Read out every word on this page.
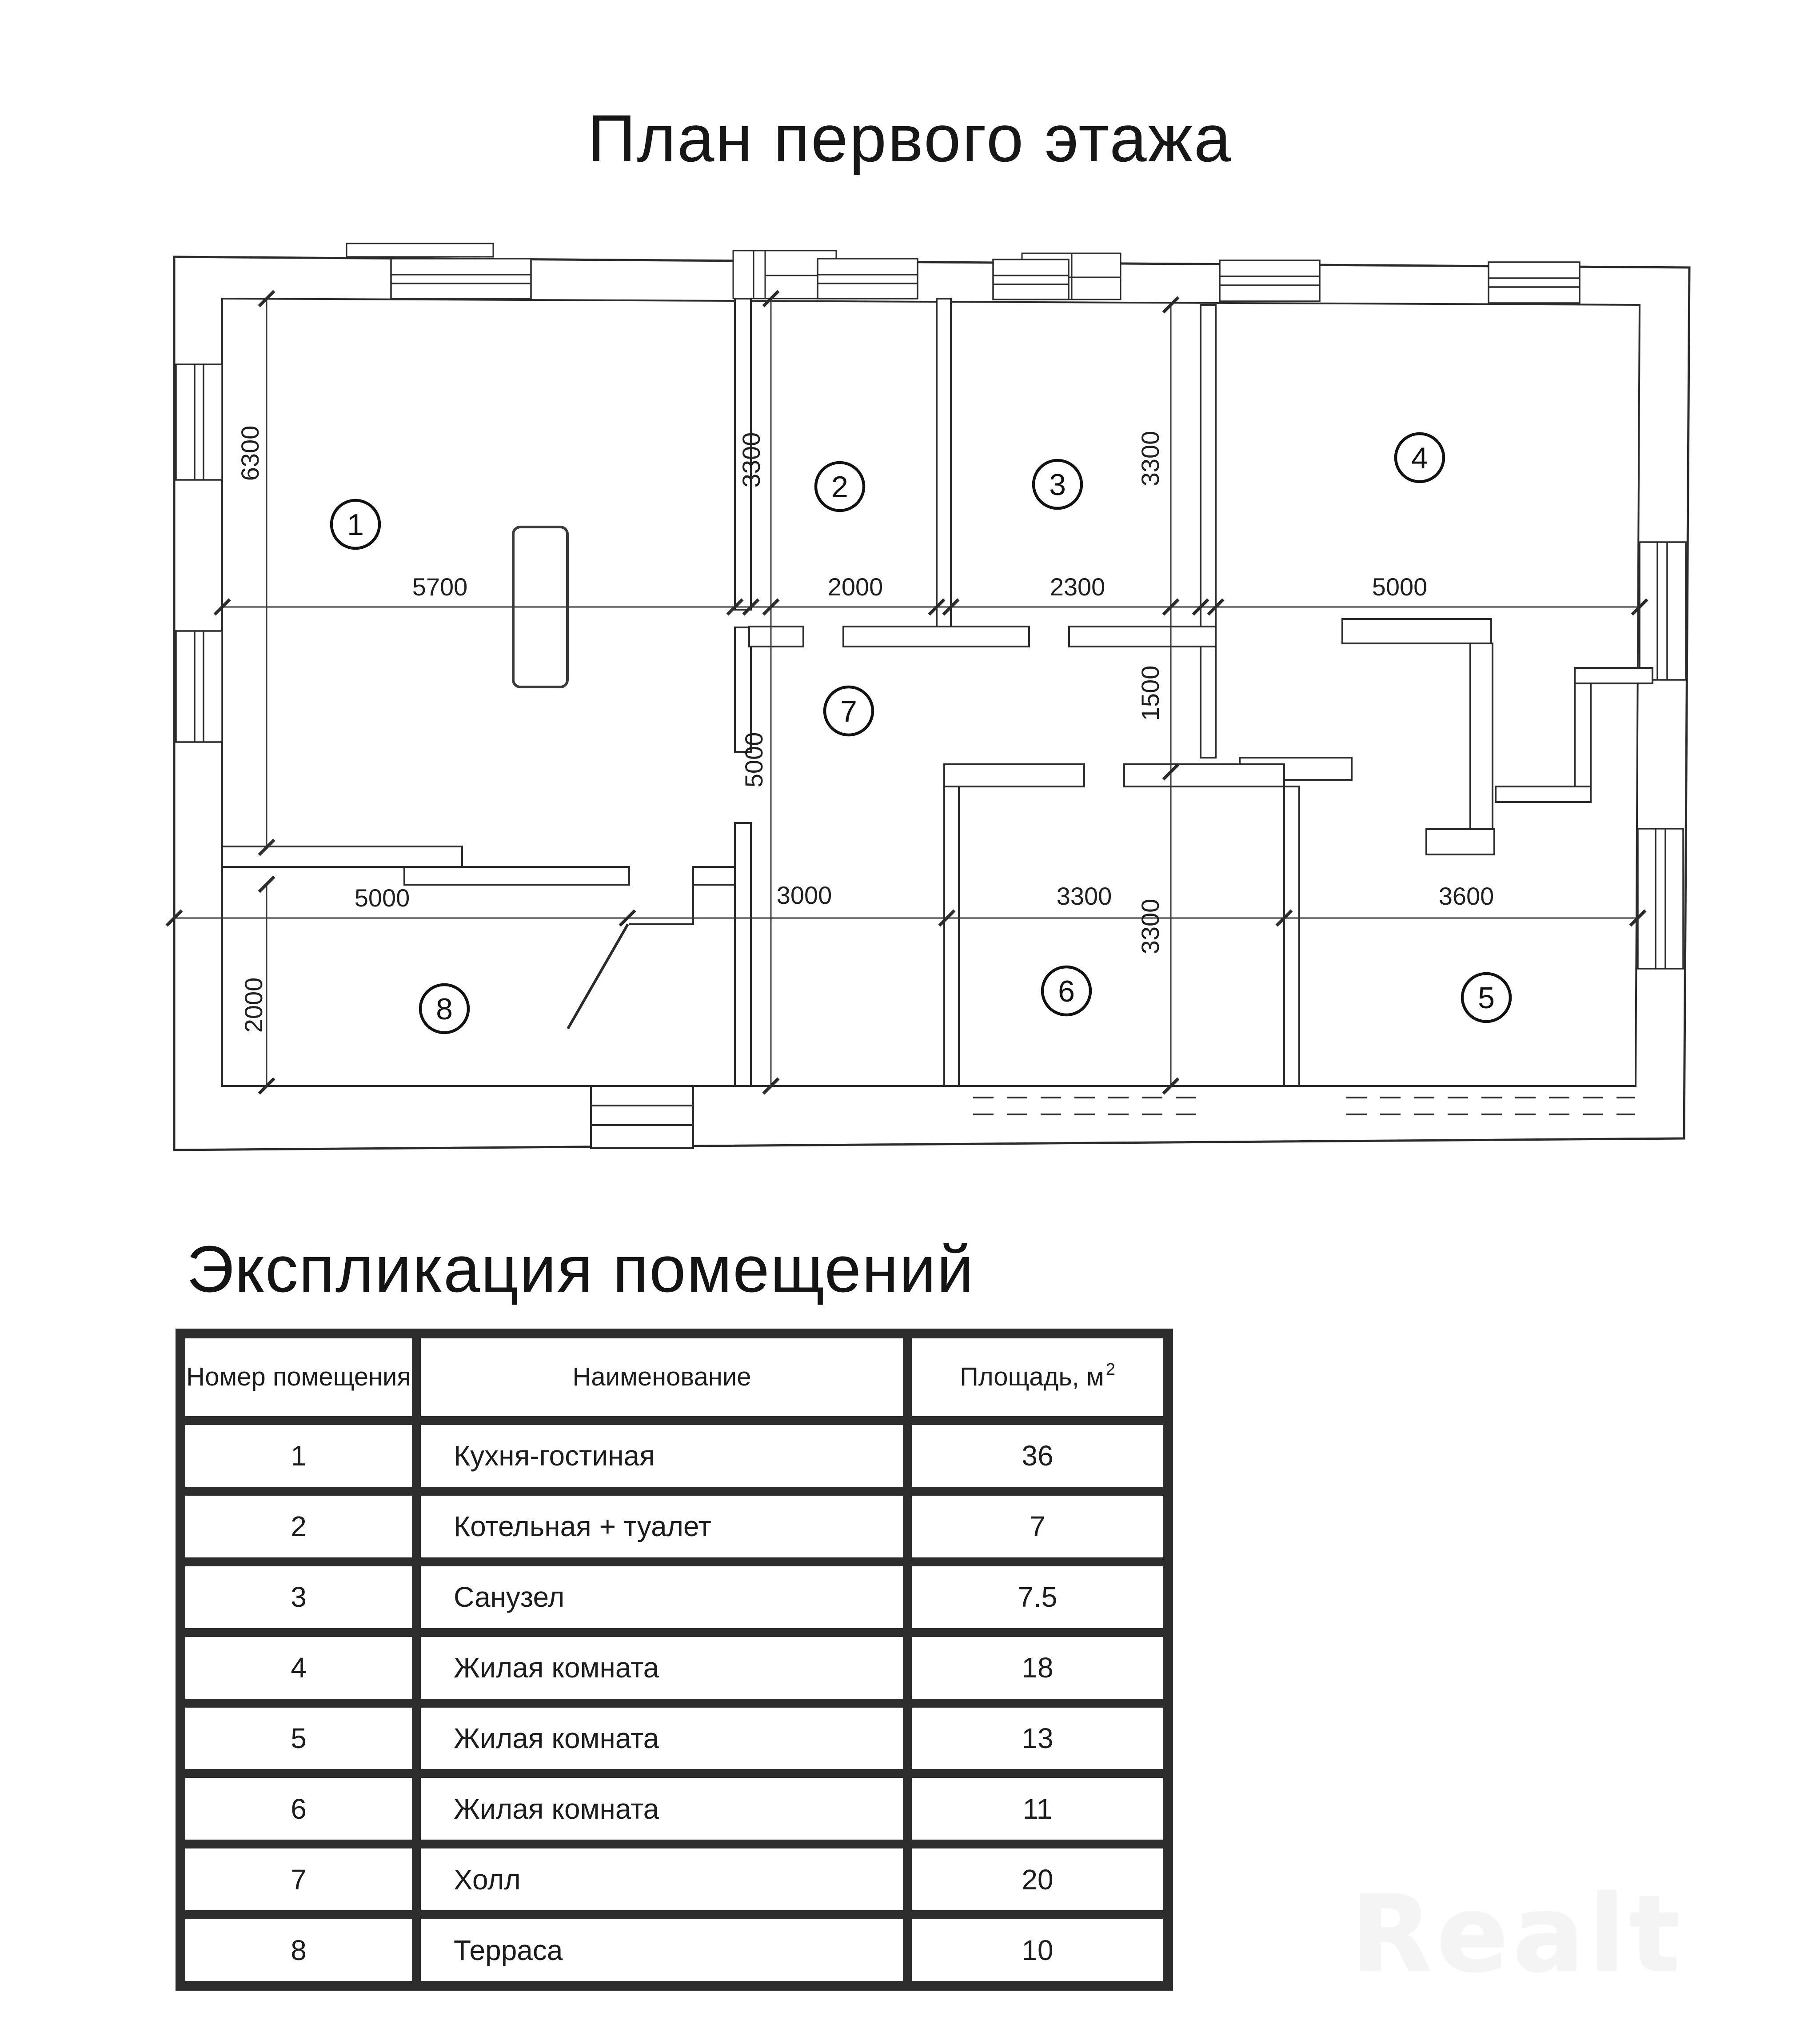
План первого этажа
5700	2000	2300	5000
5000	3000	3300	3600
6300
2000
3300
5000
3300
1500
3300
1
2	3
4
5
6
7
8
Экспликация помещений
Номер помещения	Наименование	Площадь, м 2
1	Кухня-гостиная	36
2	Котельная + туалет	7
3	Санузел	7.5
4	Жилая комната	18
5	Жилая комната	13
6	Жилая комната	11
7	Холл	20
8	Терраса	10	Realt
